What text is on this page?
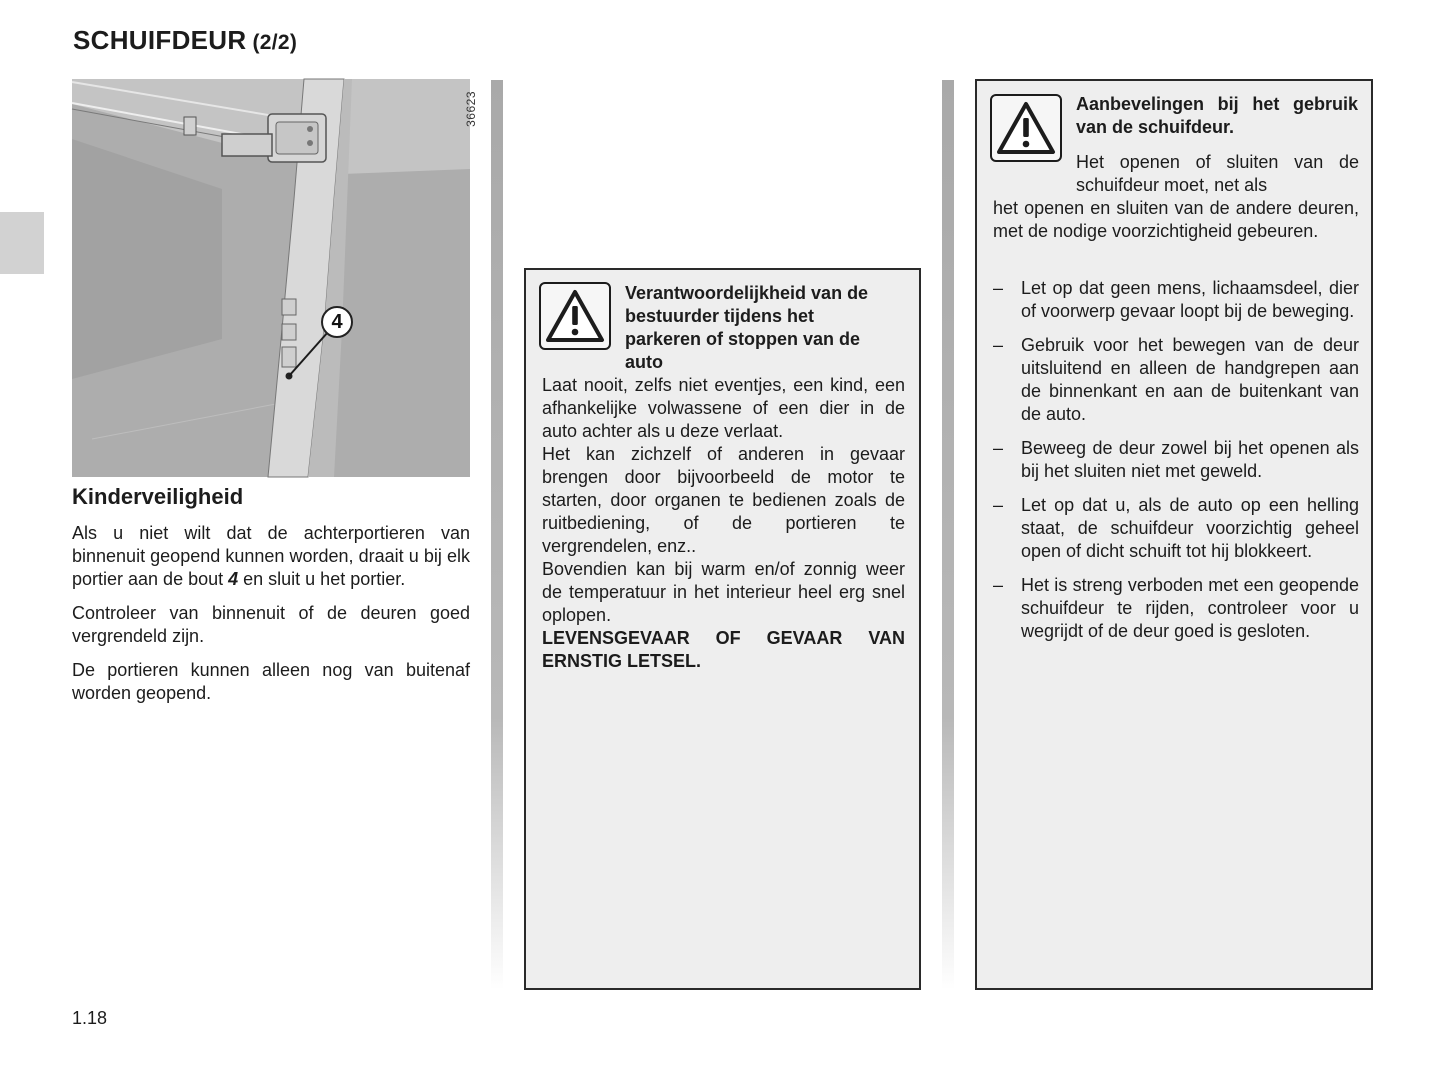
SCHUIFDEUR (2/2)
36623
4
Kinderveiligheid

Als u niet wilt dat de achterportieren van binnenuit geopend kunnen worden, draait u bij elk portier aan de bout 4 en sluit u het portier.

Controleer van binnenuit of de deuren goed vergrendeld zijn.

De portieren kunnen alleen nog van buitenaf worden geopend.

Verantwoordelijkheid van de bestuurder tijdens het parkeren of stoppen van de auto

Laat nooit, zelfs niet eventjes, een kind, een afhankelijke volwassene of een dier in de auto achter als u deze verlaat.

Het kan zichzelf of anderen in gevaar brengen door bijvoorbeeld de motor te starten, door organen te bedienen zoals de ruitbediening, of de portieren te vergrendelen, enz..

Bovendien kan bij warm en/of zonnig weer de temperatuur in het interieur heel erg snel oplopen.

LEVENSGEVAAR OF GEVAAR VAN ERNSTIG LETSEL.

Aanbevelingen bij het gebruik van de schuifdeur.
Het openen of sluiten van de schuifdeur moet, net als
het openen en sluiten van de andere deuren, met de nodige voorzichtigheid gebeuren.
– Let op dat geen mens, lichaamsdeel, dier of voorwerp gevaar loopt bij de beweging.
– Gebruik voor het bewegen van de deur uitsluitend en alleen de handgrepen aan de binnenkant en aan de buitenkant van de auto.
– Beweeg de deur zowel bij het openen als bij het sluiten niet met geweld.
– Let op dat u, als de auto op een helling staat, de schuifdeur voorzichtig geheel open of dicht schuift tot hij blokkeert.
– Het is streng verboden met een geopende schuifdeur te rijden, controleer voor u wegrijdt of de deur goed is gesloten.
1.18
